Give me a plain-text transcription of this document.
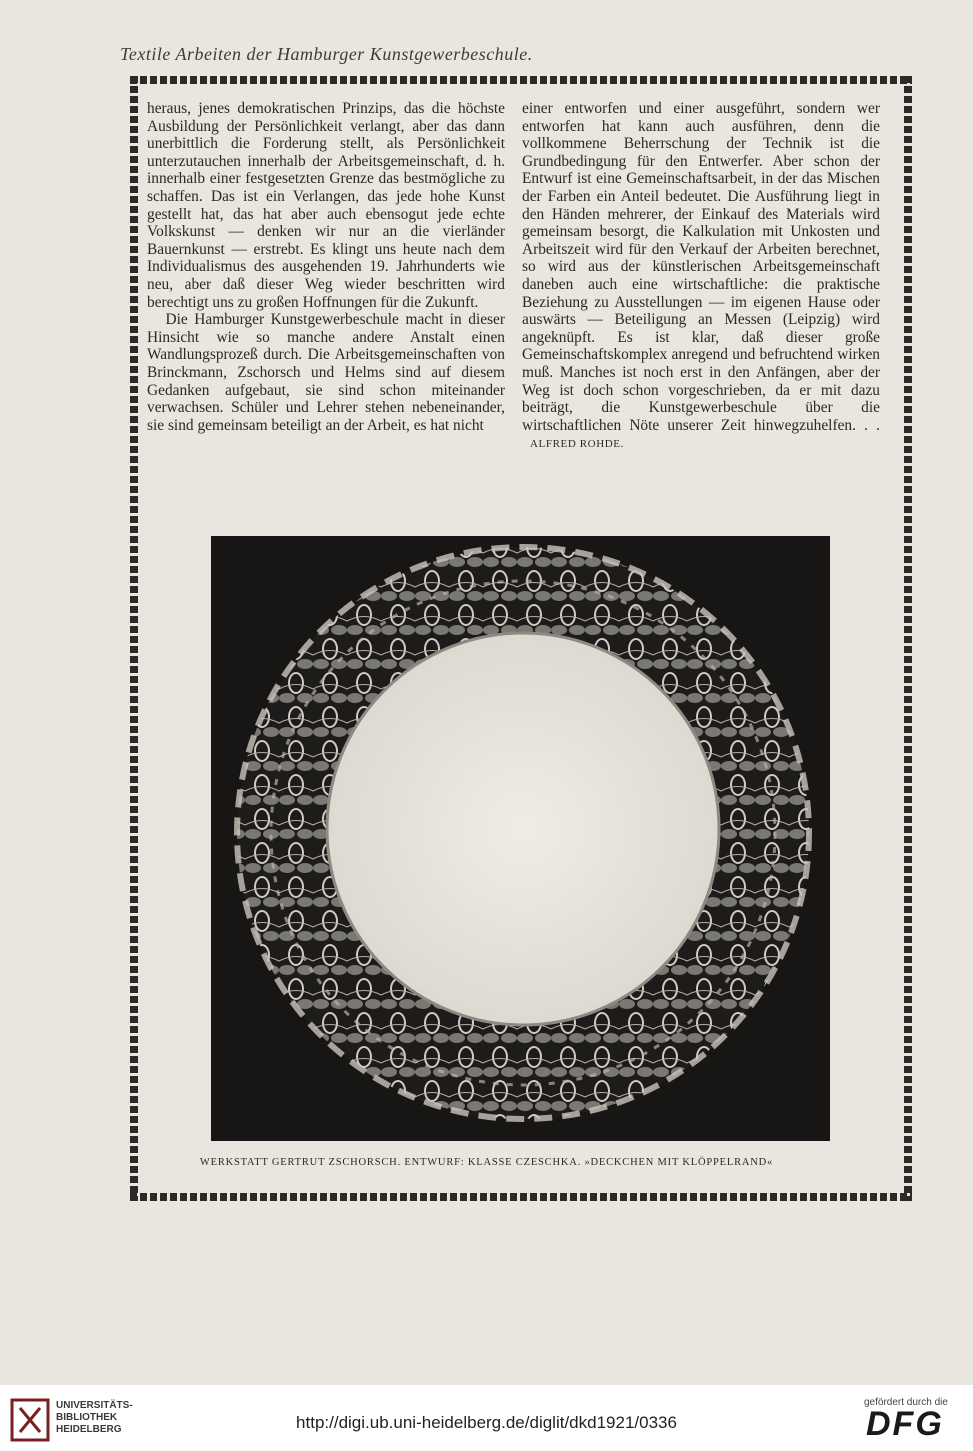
Textile Arbeiten der Hamburger Kunstgewerbeschule.

heraus, jenes demokratischen Prinzips, das die höchste Ausbildung der Persönlichkeit verlangt, aber das dann unerbittlich die Forderung stellt, als Persönlichkeit unterzutauchen innerhalb der Arbeitsgemeinschaft, d. h. innerhalb einer festgesetzten Grenze das bestmögliche zu schaffen. Das ist ein Verlangen, das jede hohe Kunst gestellt hat, das hat aber auch ebensogut jede echte Volkskunst — denken wir nur an die vierländer Bauernkunst — erstrebt. Es klingt uns heute nach dem Individualismus des ausgehenden 19. Jahrhunderts wie neu, aber daß dieser Weg wieder beschritten wird berechtigt uns zu großen Hoffnungen für die Zukunft.

Die Hamburger Kunstgewerbeschule macht in dieser Hinsicht wie so manche andere Anstalt einen Wandlungsprozeß durch. Die Arbeitsgemeinschaften von Brinckmann, Zschorsch und Helms sind auf diesem Gedanken aufgebaut, sie sind schon miteinander verwachsen. Schüler und Lehrer stehen nebeneinander, sie sind gemeinsam beteiligt an der Arbeit, es hat nicht

einer entworfen und einer ausgeführt, sondern wer entworfen hat kann auch ausführen, denn die vollkommene Beherrschung der Technik ist die Grundbedingung für den Entwerfer. Aber schon der Entwurf ist eine Gemeinschaftsarbeit, in der das Mischen der Farben ein Anteil bedeutet. Die Ausführung liegt in den Händen mehrerer, der Einkauf des Materials wird gemeinsam besorgt, die Kalkulation mit Unkosten und Arbeitszeit wird für den Verkauf der Arbeiten berechnet, so wird aus der künstlerischen Arbeitsgemeinschaft daneben auch eine wirtschaftliche: die praktische Beziehung zu Ausstellungen — im eigenen Hause oder auswärts — Beteiligung an Messen (Leipzig) wird angeknüpft. Es ist klar, daß dieser große Gemeinschaftskomplex anregend und befruchtend wirken muß. Manches ist noch erst in den Anfängen, aber der Weg ist doch schon vorgeschrieben, da er mit dazu beiträgt, die Kunstgewerbeschule über die wirtschaftlichen Nöte unserer Zeit hinwegzuhelfen. . . ALFRED ROHDE.

WERKSTATT GERTRUT ZSCHORSCH. ENTWURF: KLASSE CZESCHKA. »DECKCHEN MIT KLÖPPELRAND«
UNIVERSITÄTS-
BIBLIOTHEK
HEIDELBERG	http://digi.ub.uni-heidelberg.de/diglit/dkd1921/0336
gefördert durch die
DFG
